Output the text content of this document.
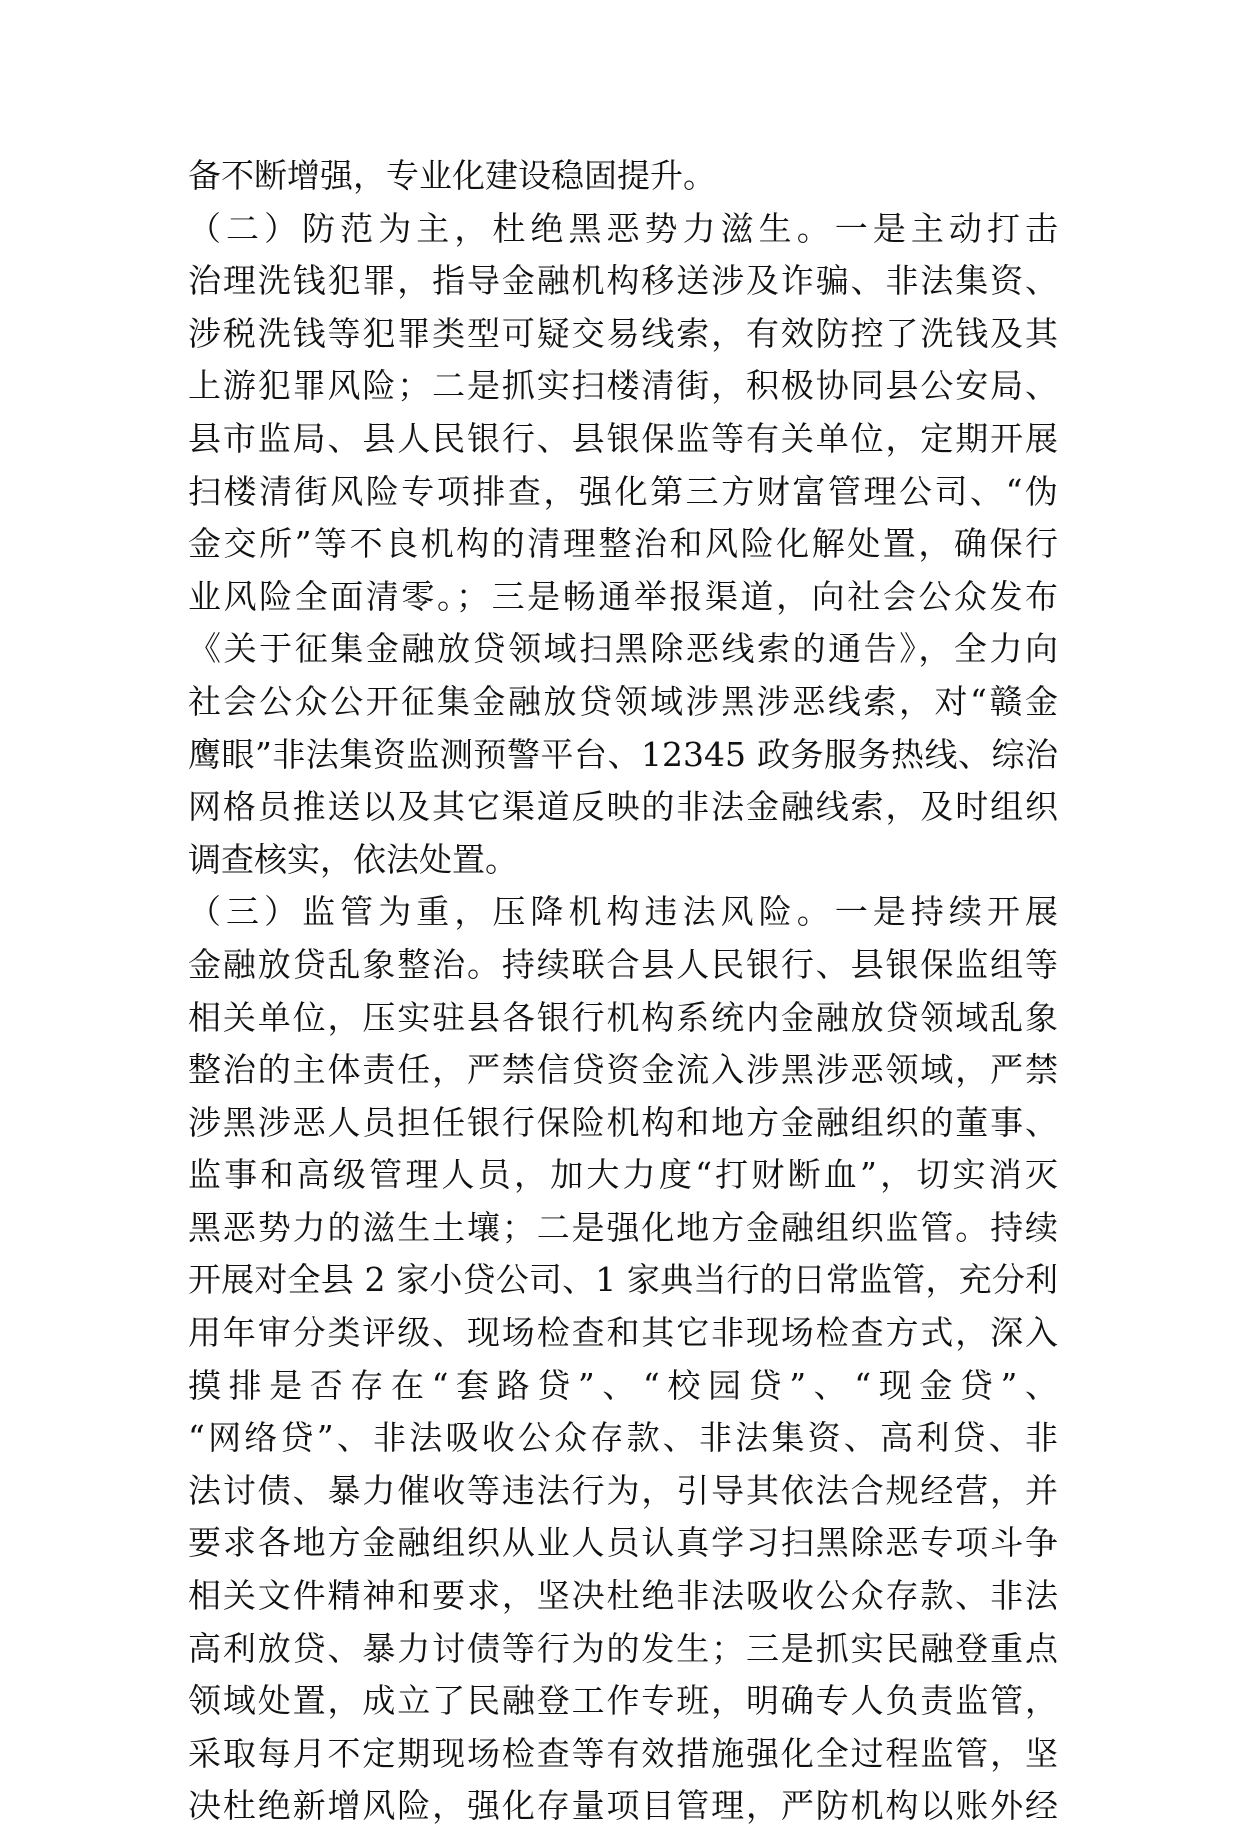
备不断增强，专业化建设稳固提升。
（二）防范为主，杜绝黑恶势力滋生。一是主动打击
治理洗钱犯罪，指导金融机构移送涉及诈骗、非法集资、
涉税洗钱等犯罪类型可疑交易线索，有效防控了洗钱及其
上游犯罪风险；二是抓实扫楼清街，积极协同县公安局、
县市监局、县人民银行、县银保监等有关单位，定期开展
扫楼清街风险专项排查，强化第三方财富管理公司、“伪
金交所”等不良机构的清理整治和风险化解处置，确保行
业风险全面清零。；三是畅通举报渠道，向社会公众发布
《关于征集金融放贷领域扫黑除恶线索的通告》，全力向
社会公众公开征集金融放贷领域涉黑涉恶线索，对“赣金
鹰眼”非法集资监测预警平台、12345 政务服务热线、综治
网格员推送以及其它渠道反映的非法金融线索，及时组织
调查核实，依法处置。
（三）监管为重，压降机构违法风险。一是持续开展
金融放贷乱象整治。持续联合县人民银行、县银保监组等
相关单位，压实驻县各银行机构系统内金融放贷领域乱象
整治的主体责任，严禁信贷资金流入涉黑涉恶领域，严禁
涉黑涉恶人员担任银行保险机构和地方金融组织的董事、
监事和高级管理人员，加大力度“打财断血”，切实消灭
黑恶势力的滋生土壤；二是强化地方金融组织监管。持续
开展对全县 2 家小贷公司、1 家典当行的日常监管，充分利
用年审分类评级、现场检查和其它非现场检查方式，深入
摸排是否存在“套路贷”、“校园贷”、“现金贷”、
“网络贷”、非法吸收公众存款、非法集资、高利贷、非
法讨债、暴力催收等违法行为，引导其依法合规经营，并
要求各地方金融组织从业人员认真学习扫黑除恶专项斗争
相关文件精神和要求，坚决杜绝非法吸收公众存款、非法
高利放贷、暴力讨债等行为的发生；三是抓实民融登重点
领域处置，成立了民融登工作专班，明确专人负责监管，
采取每月不定期现场检查等有效措施强化全过程监管，坚
决杜绝新增风险，强化存量项目管理，严防机构以账外经
